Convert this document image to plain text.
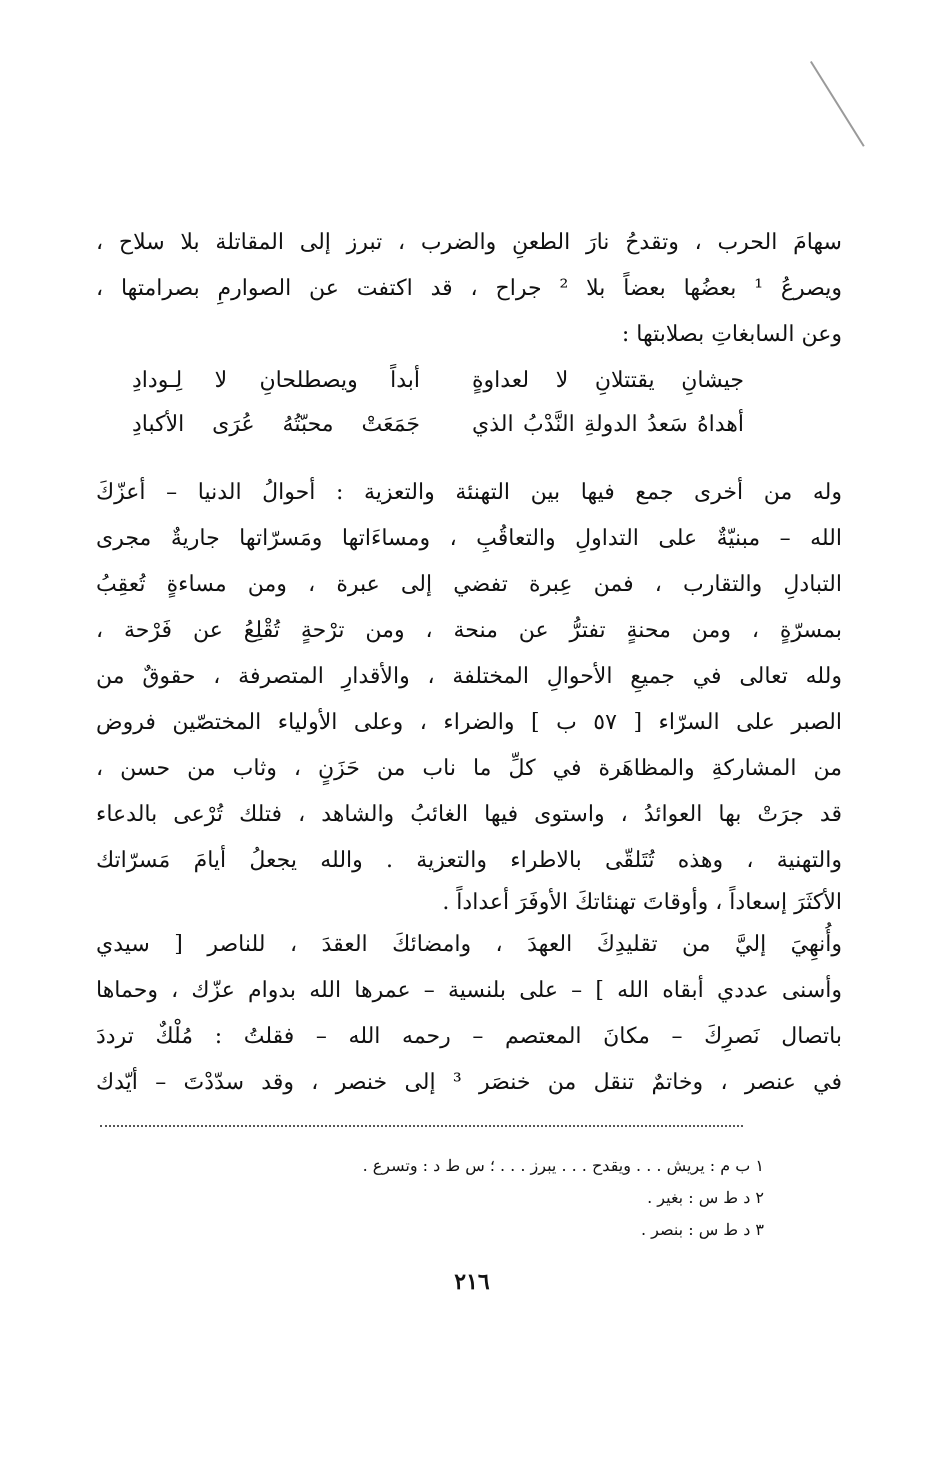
سهامَ الحرب ، وتقدحُ نارَ الطعنِ والضرب ، تبرز إلى المقاتلة بلا سلاح ،
ويصرعُ ¹ بعضُها بعضاً بلا ² جراح ، قد اكتفت عن الصوارمِ بصرامتها ،
وعن السابغاتِ بصلابتها :
جيشانِ يقتتلانِ لا لعداوةٍ
أبداً ويصطلحانِ لا لِـودادِ
أهداهُ سَعدُ الدولةِ النَّدْبُ الذي
جَمَعَتْ محبّتُهُ عُرَى الأكبادِ
وله من أخرى جمع فيها بين التهنئة والتعزية : أحوالُ الدنيا – أعزّكَ
الله – مبنيّةٌ على التداولِ والتعاقُبِ ، ومساءَاتها ومَسرّاتها جاريةٌ مجرى
التبادلِ والتقارب ، فمن عِبرة تفضي إلى عبرة ، ومن مساءةٍ تُعقِبُ
بمسرّةٍ ، ومن محنةٍ تفترُّ عن منحة ، ومن ترْحةٍ تُقْلِعُ عن فَرْحة ،
ولله تعالى في جميعِ الأحوالِ المختلفة ، والأقدارِ المتصرفة ، حقوقٌ من
الصبر على السرّاء [ ٥٧ ب ] والضراء ، وعلى الأولياء المختصّين فروض
من المشاركةِ والمظاهَرة في كلِّ ما ناب من حَزَنٍ ، وثاب من حسن ،
قد جرَتْ بها العوائدُ ، واستوى فيها الغائبُ والشاهد ، فتلك تُرْعى بالدعاء
والتهنية ، وهذه تُتَلقّى بالاطراء والتعزية . والله يجعلُ أيامَ مَسرّاتك
الأكثَرَ إسعاداً ، وأوقاتَ تهنئاتكَ الأوفَرَ أعداداً .
وأُنهِيَ إليَّ من تقليدِكَ العهدَ ، وامضائكَ العقدَ ، للناصر [ سيدي
وأسنى عددي أبقاه الله ] – على بلنسية – عمرها الله بدوام عزّك ، وحماها
باتصال نَصرِكَ – مكانَ المعتصم – رحمه الله – فقلتُ : مُلْكٌ ترددَ
في عنصر ، وخاتمٌ تنقل من خنصَر ³ إلى خنصر ، وقد سدّدْتَ – أيّدك
١ ب م : يريش . . . ويقدح . . . يبرز . . . ؛ س ط د : وتسرع .
٢ د ط س : بغير .
٣ د ط س : بنصر .
٢١٦
